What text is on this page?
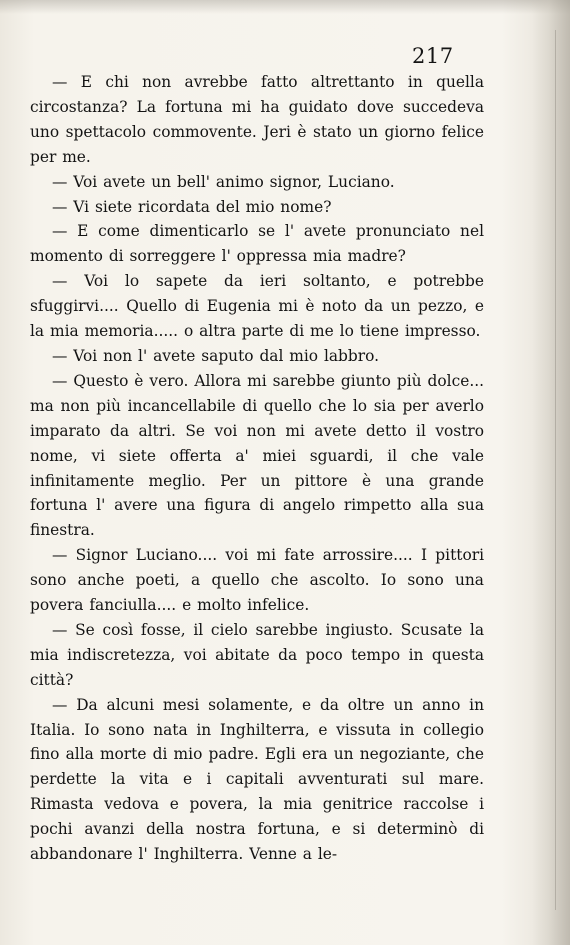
217

— E chi non avrebbe fatto altrettanto in quella circostanza? La fortuna mi ha guidato dove succedeva uno spettacolo commovente. Jeri è stato un giorno felice per me.

— Voi avete un bell' animo signor, Luciano.

— Vi siete ricordata del mio nome?

— E come dimenticarlo se l' avete pronunciato nel momento di sorreggere l' oppressa mia madre?

— Voi lo sapete da ieri soltanto, e potrebbe sfuggirvi.... Quello di Eugenia mi è noto da un pezzo, e la mia memoria..... o altra parte di me lo tiene impresso.

— Voi non l' avete saputo dal mio labbro.

— Questo è vero. Allora mi sarebbe giunto più dolce... ma non più incancellabile di quello che lo sia per averlo imparato da altri. Se voi non mi avete detto il vostro nome, vi siete offerta a' miei sguardi, il che vale infinitamente meglio. Per un pittore è una grande fortuna l' avere una figura di angelo rimpetto alla sua finestra.

— Signor Luciano.... voi mi fate arrossire.... I pittori sono anche poeti, a quello che ascolto. Io sono una povera fanciulla.... e molto infelice.

— Se così fosse, il cielo sarebbe ingiusto. Scusate la mia indiscretezza, voi abitate da poco tempo in questa città?

— Da alcuni mesi solamente, e da oltre un anno in Italia. Io sono nata in Inghilterra, e vissuta in collegio fino alla morte di mio padre. Egli era un negoziante, che perdette la vita e i capitali avventurati sul mare. Rimasta vedova e povera, la mia genitrice raccolse i pochi avanzi della nostra fortuna, e si determinò di abbandonare l' Inghilterra. Venne a le-
